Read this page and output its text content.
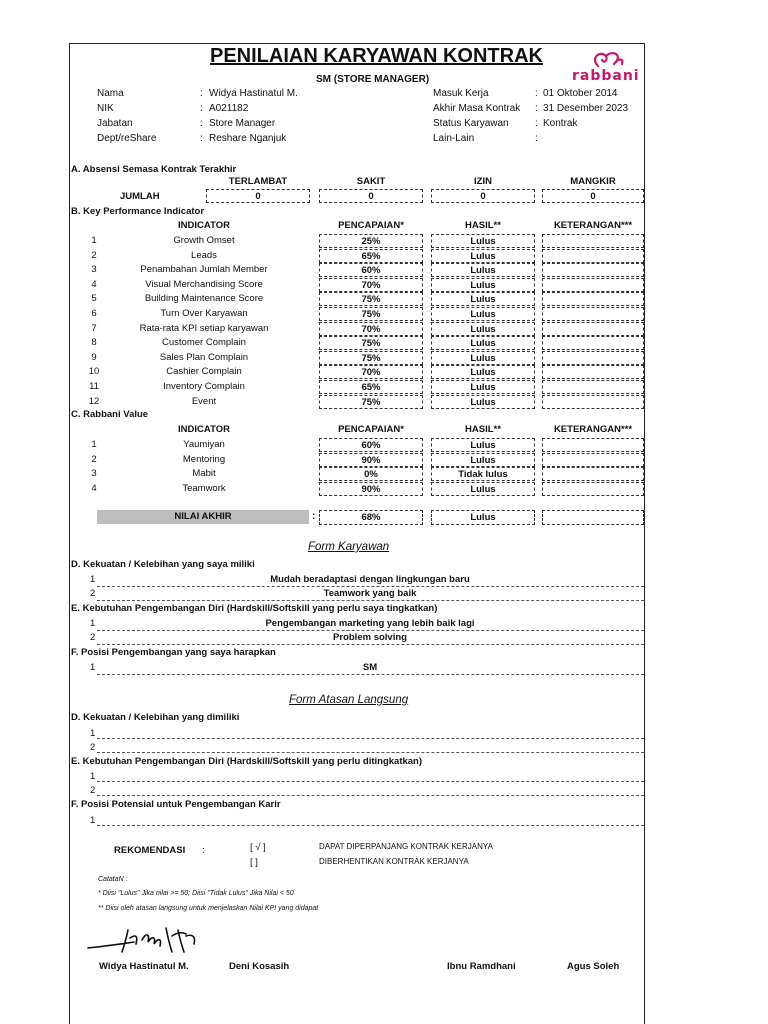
PENILAIAN KARYAWAN KONTRAK
SM (STORE MANAGER)	rabbani
Nama	: Widya Hastinatul M.
NIK	: A021182
Jabatan	: Store Manager
Dept/reShare	: Reshare Nganjuk
Masuk Kerja	: 01 Oktober 2014
Akhir Masa Kontrak : 31 Desember 2023
Status Karyawan	: Kontrak
Lain-Lain	:
A. Absensi Semasa Kontrak Terakhir
TERLAMBAT	SAKIT	IZIN	MANGKIR
JUMLAH	0	0	0	0
B. Key Performance Indicator
INDICATOR	PENCAPAIAN*	HASIL**	KETERANGAN***
1	Growth Omset	25%	Lulus
2	Leads	65%	Lulus
3	Penambahan Jumlah Member	60%	Lulus
4	Visual Merchandising Score	70%	Lulus
5	Building Maintenance Score	75%	Lulus
6	Turn Over Karyawan	75%	Lulus
7	Rata-rata KPI setiap karyawan	70%	Lulus
8	Customer Complain	75%	Lulus
9	Sales Plan Complain	75%	Lulus
10	Cashier Complain	70%	Lulus
11	Inventory Complain	65%	Lulus
12	Event	75%	Lulus
C. Rabbani Value
INDICATOR	PENCAPAIAN*	HASIL**	KETERANGAN***
1	Yaumiyan	60%	Lulus
2	Mentoring	90%	Lulus
3	Mabit	0%	Tidak lulus
4	Teamwork	90%	Lulus
NILAI AKHIR	:	68%	Lulus
Form Karyawan
D. Kekuatan / Kelebihan yang saya miliki
1	Mudah beradaptasi dengan lingkungan baru
2	Teamwork yang baik
E. Kebutuhan Pengembangan Diri (Hardskill/Softskill yang perlu saya tingkatkan)
1	Pengembangan marketing yang lebih baik lagi
2	Problem solving
F. Posisi Pengembangan yang saya harapkan
1	SM
Form Atasan Langsung
D. Kekuatan / Kelebihan yang dimiliki
1
2
E. Kebutuhan Pengembangan Diri (Hardskill/Softskill yang perlu ditingkatkan)
1
2
F. Posisi Potensial untuk Pengembangan Karir
1
REKOMENDASI :	[ √ ]	DAPAT DIPERPANJANG KONTRAK KERJANYA
[ ]	DIBERHENTIKAN KONTRAK KERJANYA
CatataN :
* Diisi "Lulus" Jika nilai >= 50; Diisi "Tidak Lulus" Jika Nilai < 50
** Diisi oleh atasan langsung untuk menjelaskan Nilai KPI yang didapat
Widya Hastinatul M.	Deni Kosasih	Ibnu Ramdhani	Agus Soleh
